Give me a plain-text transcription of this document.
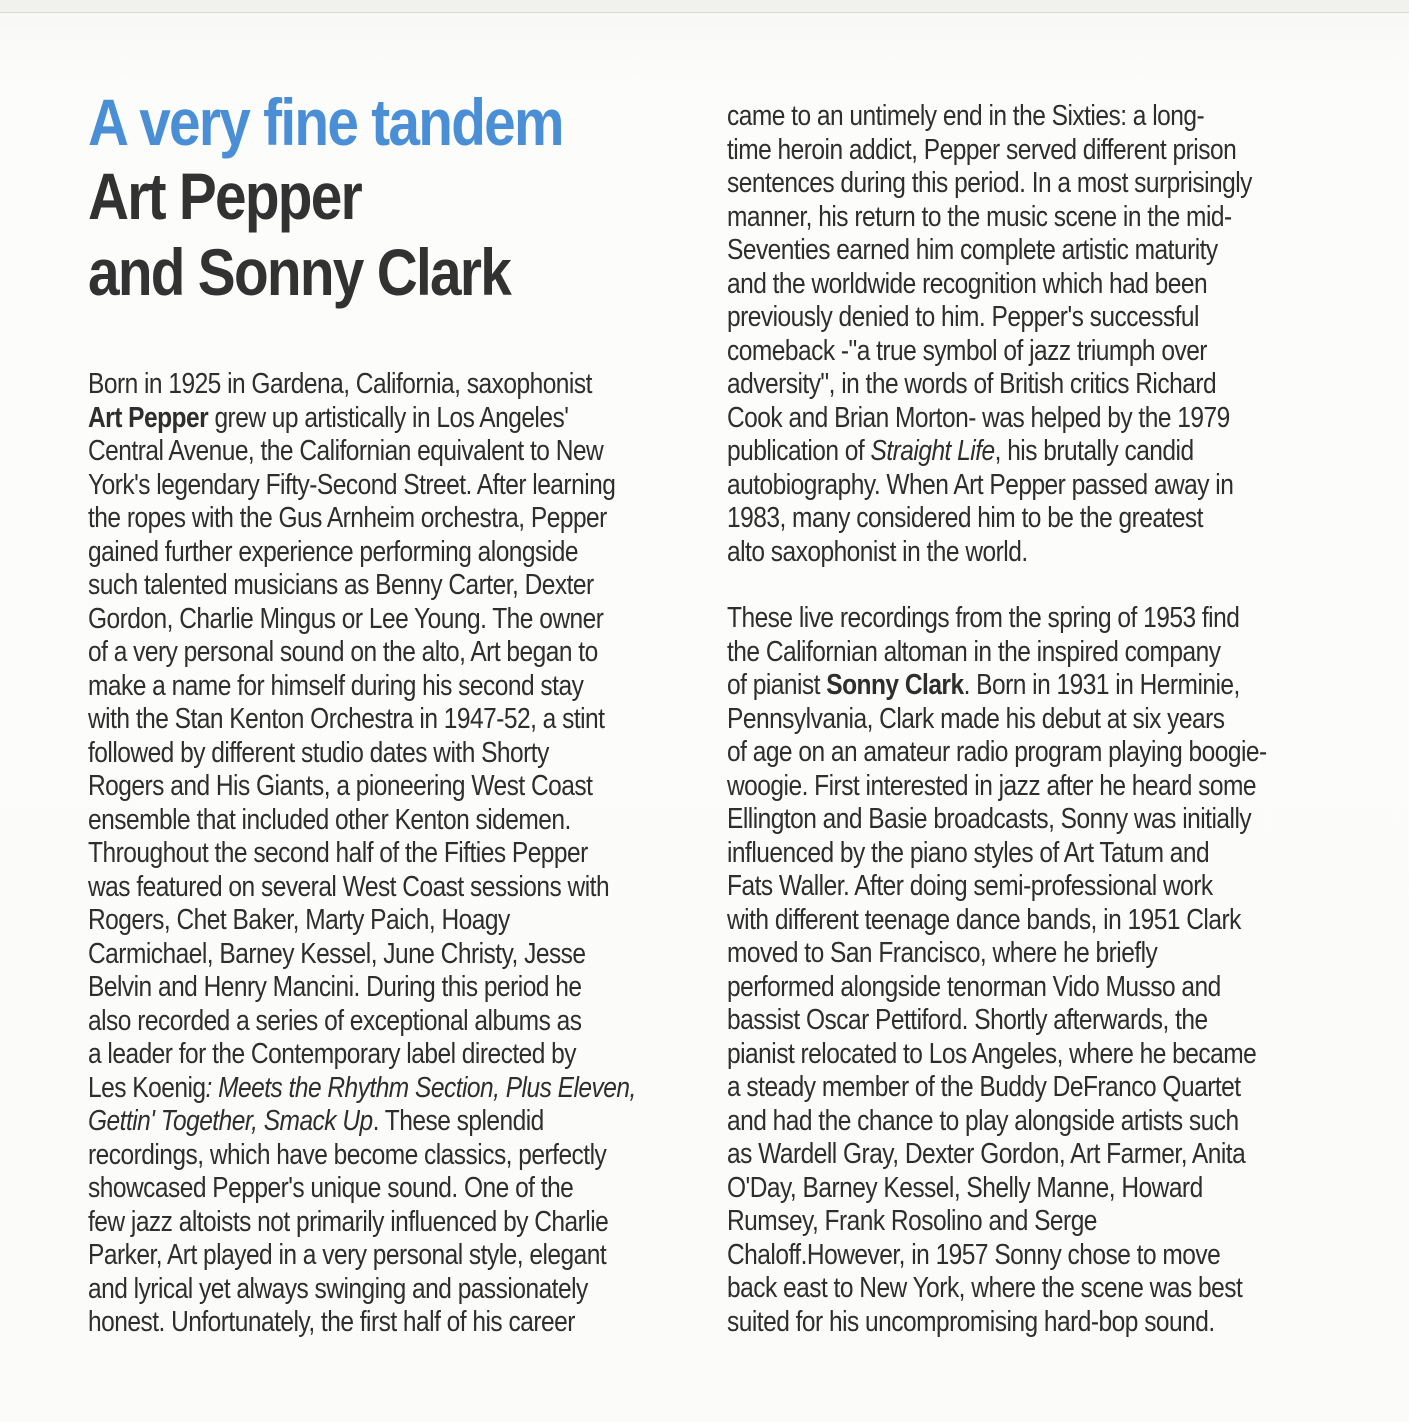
A very fine tandem
Art Pepper
and Sonny Clark
Born in 1925 in Gardena, California, saxophonist
Art Pepper grew up artistically in Los Angeles'
Central Avenue, the Californian equivalent to New
York's legendary Fifty-Second Street. After learning
the ropes with the Gus Arnheim orchestra, Pepper
gained further experience performing alongside
such talented musicians as Benny Carter, Dexter
Gordon, Charlie Mingus or Lee Young. The owner
of a very personal sound on the alto, Art began to
make a name for himself during his second stay
with the Stan Kenton Orchestra in 1947-52, a stint
followed by different studio dates with Shorty
Rogers and His Giants, a pioneering West Coast
ensemble that included other Kenton sidemen.
Throughout the second half of the Fifties Pepper
was featured on several West Coast sessions with
Rogers, Chet Baker, Marty Paich, Hoagy
Carmichael, Barney Kessel, June Christy, Jesse
Belvin and Henry Mancini. During this period he
also recorded a series of exceptional albums as
a leader for the Contemporary label directed by
Les Koenig: Meets the Rhythm Section, Plus Eleven,
Gettin' Together, Smack Up. These splendid
recordings, which have become classics, perfectly
showcased Pepper's unique sound. One of the
few jazz altoists not primarily influenced by Charlie
Parker, Art played in a very personal style, elegant
and lyrical yet always swinging and passionately
honest. Unfortunately, the first half of his career
came to an untimely end in the Sixties: a long-
time heroin addict, Pepper served different prison
sentences during this period. In a most surprisingly
manner, his return to the music scene in the mid-
Seventies earned him complete artistic maturity
and the worldwide recognition which had been
previously denied to him. Pepper's successful
comeback -"a true symbol of jazz triumph over
adversity", in the words of British critics Richard
Cook and Brian Morton- was helped by the 1979
publication of Straight Life, his brutally candid
autobiography. When Art Pepper passed away in
1983, many considered him to be the greatest
alto saxophonist in the world.
These live recordings from the spring of 1953 find
the Californian altoman in the inspired company
of pianist Sonny Clark. Born in 1931 in Herminie,
Pennsylvania, Clark made his debut at six years
of age on an amateur radio program playing boogie-
woogie. First interested in jazz after he heard some
Ellington and Basie broadcasts, Sonny was initially
influenced by the piano styles of Art Tatum and
Fats Waller. After doing semi-professional work
with different teenage dance bands, in 1951 Clark
moved to San Francisco, where he briefly
performed alongside tenorman Vido Musso and
bassist Oscar Pettiford. Shortly afterwards, the
pianist relocated to Los Angeles, where he became
a steady member of the Buddy DeFranco Quartet
and had the chance to play alongside artists such
as Wardell Gray, Dexter Gordon, Art Farmer, Anita
O'Day, Barney Kessel, Shelly Manne, Howard
Rumsey, Frank Rosolino and Serge
Chaloff.However, in 1957 Sonny chose to move
back east to New York, where the scene was best
suited for his uncompromising hard-bop sound.
